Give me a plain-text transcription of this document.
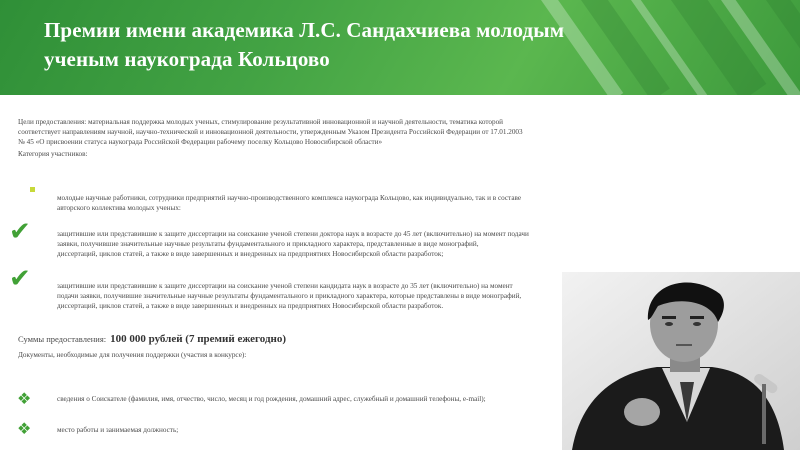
Премии имени академика Л.С. Сандахчиева молодым
ученым наукограда Кольцово
Цели предоставления: материальная поддержка молодых ученых, стимулирование результативной инновационной и научной деятельности, тематика которой
соответствует направлениям научной, научно-технической и инновационной деятельности, утвержденным Указом Президента Российской Федерации от 17.01.2003
№ 45 «О присвоении статуса наукограда Российской Федерации рабочему поселку Кольцово Новосибирской области»
Категория участников:
молодые научные работники, сотрудники предприятий научно-производственного комплекса наукограда Кольцово, как индивидуально, так и в составе
авторского коллектива молодых ученых:
✔	защитившие или представившие к защите диссертации на соискание ученой степени доктора наук в возрасте до 45 лет (включительно) на момент подачи
заявки, получившие значительные научные результаты фундаментального и прикладного характера, представленные в виде монографий,
диссертаций, циклов статей, а также в виде завершенных и внедренных на предприятиях Новосибирской области разработок;
✔	защитившие или представившие к защите диссертации на соискание ученой степени кандидата наук в возрасте до 35 лет (включительно) на момент
подачи заявки, получившие значительные научные результаты фундаментального и прикладного характера, которые представлены в виде монографий,
диссертаций, циклов статей, а также в виде завершенных и внедренных на предприятиях Новосибирской области разработок.
Суммы предоставления: 100 000 рублей (7 премий ежегодно)
Документы, необходимые для получения поддержки (участия в конкурсе):
❖	сведения о Соискателе (фамилия, имя, отчество, число, месяц и год рождения, домашний адрес, служебный и домашний телефоны, e-mail);
❖	место работы и занимаемая должность;
